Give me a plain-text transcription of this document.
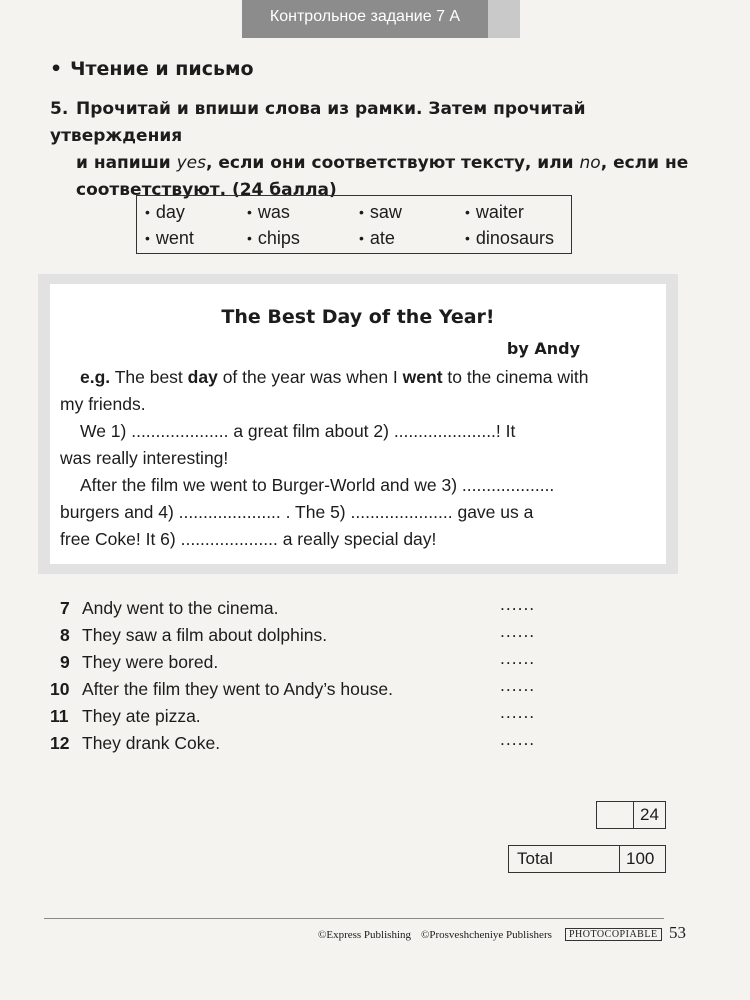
Контрольное задание 7 A
• Чтение и письмо
5. Прочитай и впиши слова из рамки. Затем прочитай утверждения
и напиши yes, если они соответствуют тексту, или no, если не
соответствуют. (24 балла)
• day	• was	• saw	• waiter
• went	• chips	• ate	• dinosaurs
The Best Day of the Year!
by Andy
e.g. The best day of the year was when I went to the cinema with
my friends.
We 1) .................... a great film about 2) .....................! It
was really interesting!
After the film we went to Burger-World and we 3) ...................
burgers and 4) ..................... . The 5) ..................... gave us a
free Coke! It 6) .................... a really special day!
7 Andy went to the cinema.	......
8 They saw a film about dolphins.	......
9 They were bored.	......
10 After the film they went to Andy’s house.	......
11 They ate pizza.	......
12 They drank Coke.	......
24
Total	100
©Express Publishing ©Prosveshcheniye Publishers	PHOTOCOPIABLE 53
